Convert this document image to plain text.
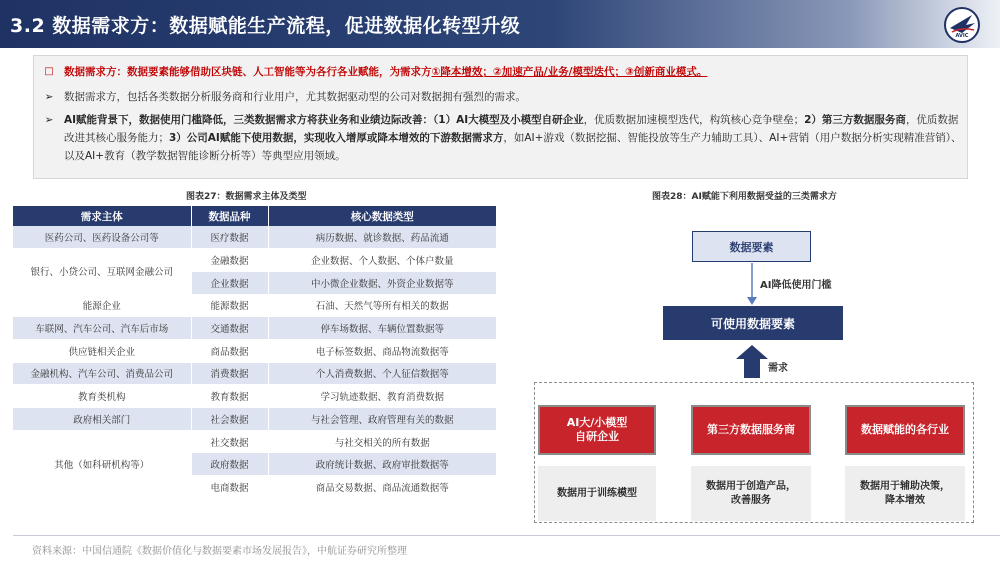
3.2 数据需求方：数据赋能生产流程，促进数据化转型升级	AVIC
□ 数据需求方：数据要素能够借助区块链、人工智能等为各行各业赋能，为需求方①降本增效；②加速产品/业务/模型迭代；③创新商业模式。
➢ 数据需求方，包括各类数据分析服务商和行业用户，尤其数据驱动型的公司对数据拥有强烈的需求。
➢ AI赋能背景下，数据使用门槛降低，三类数据需求方将获业务和业绩边际改善：（1）AI大模型及小模型自研企业，优质数据加速模型迭代，构筑核心竞争壁垒；2）第三方数据服务商，优质数据改进其核心服务能力；3）公司AI赋能下使用数据，实现收入增厚或降本增效的下游数据需求方，如AI+游戏（数据挖掘、智能投放等生产力辅助工具）、AI+营销（用户数据分析实现精准营销）、以及AI+教育（教学数据智能诊断分析等）等典型应用领域。
图表27：数据需求主体及类型
需求主体	数据品种	核心数据类型
医药公司、医药设备公司等	医疗数据	病历数据、就诊数据、药品流通
银行、小贷公司、互联网金融公司	金融数据	企业数据、个人数据、个体户数量
	企业数据	中小微企业数据、外资企业数据等
能源企业	能源数据	石油、天然气等所有相关的数据
车联网、汽车公司、汽车后市场	交通数据	停车场数据、车辆位置数据等
供应链相关企业	商品数据	电子标签数据、商品物流数据等
金融机构、汽车公司、消费品公司	消费数据	个人消费数据、个人征信数据等
教育类机构	教育数据	学习轨迹数据、教育消费数据
政府相关部门	社会数据	与社会管理、政府管理有关的数据
其他（如科研机构等）	社交数据	与社交相关的所有数据
	政府数据	政府统计数据、政府审批数据等
	电商数据	商品交易数据、商品流通数据等
图表28：AI赋能下利用数据受益的三类需求方
数据要素
AI降低使用门槛
可使用数据要素
需求
AI大/小模型
自研企业
第三方数据服务商	数据赋能的各行业
数据用于训练模型
数据用于创造产品，
改善服务
数据用于辅助决策，
降本增效
资料来源：中国信通院《数据价值化与数据要素市场发展报告》，中航证券研究所整理
